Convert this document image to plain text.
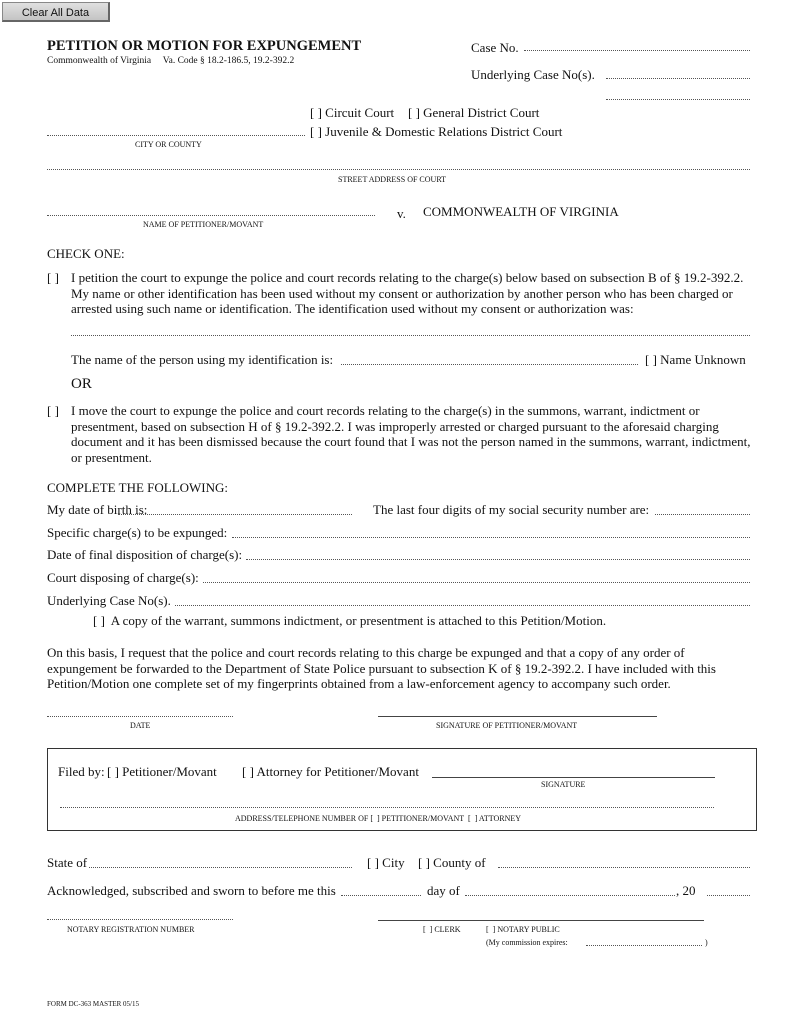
Clear All Data
PETITION OR MOTION FOR EXPUNGEMENT
Commonwealth of Virginia     Va. Code § 18.2-186.5, 19.2-392.2
Case No.
Underlying Case No(s).
[ ] Circuit Court [ ] General District Court
[ ] Juvenile & Domestic Relations District Court
CITY OR COUNTY
STREET ADDRESS OF COURT
v. COMMONWEALTH OF VIRGINIA
NAME OF PETITIONER/MOVANT
CHECK ONE:
[ ] I petition the court to expunge the police and court records relating to the charge(s) below based on subsection B of § 19.2-392.2. My name or other identification has been used without my consent or authorization by another person who has been charged or arrested using such name or identification. The identification used without my consent or authorization was:
The name of the person using my identification is:	[ ] Name Unknown
OR
[ ] I move the court to expunge the police and court records relating to the charge(s) in the summons, warrant, indictment or presentment, based on subsection H of § 19.2-392.2. I was improperly arrested or charged pursuant to the aforesaid charging document and it has been dismissed because the court found that I was not the person named in the summons, warrant, indictment, or presentment.
COMPLETE THE FOLLOWING:
My date of birth is:	The last four digits of my social security number are:
Specific charge(s) to be expunged:
Date of final disposition of charge(s):
Court disposing of charge(s):
Underlying Case No(s).
[ ] A copy of the warrant, summons indictment, or presentment is attached to this Petition/Motion.
On this basis, I request that the police and court records relating to this charge be expunged and that a copy of any order of expungement be forwarded to the Department of State Police pursuant to subsection K of § 19.2-392.2. I have included with this Petition/Motion one complete set of my fingerprints obtained from a law-enforcement agency to accompany such order.
DATE	SIGNATURE OF PETITIONER/MOVANT
Filed by: [ ] Petitioner/Movant [ ] Attorney for Petitioner/Movant
SIGNATURE
ADDRESS/TELEPHONE NUMBER OF [  ] PETITIONER/MOVANT  [  ] ATTORNEY
State of	[ ] City [ ] County of
Acknowledged, subscribed and sworn to before me this	day of	, 20
NOTARY REGISTRATION NUMBER	[  ] CLERK	[  ] NOTARY PUBLIC
(My commission expires:	)
FORM DC-363 MASTER 05/15
